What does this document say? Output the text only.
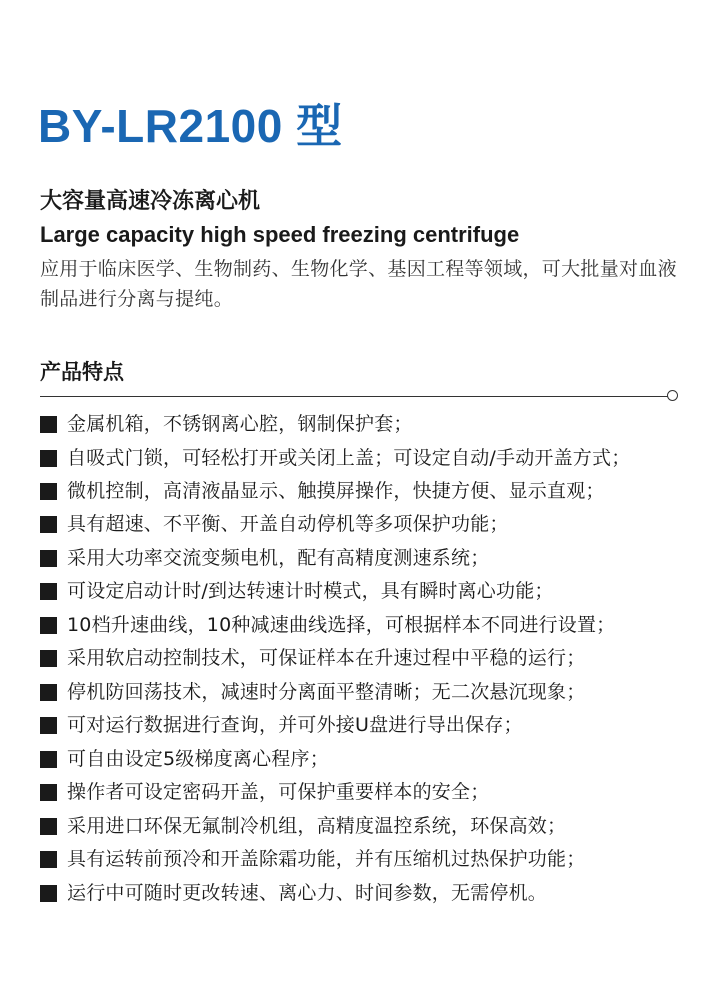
BY-LR2100 型
大容量高速冷冻离心机
Large capacity high speed freezing centrifuge
应用于临床医学、生物制药、生物化学、基因工程等领域，可大批量对血液制品进行分离与提纯。
产品特点
金属机箱，不锈钢离心腔，钢制保护套；
自吸式门锁，可轻松打开或关闭上盖；可设定自动/手动开盖方式；
微机控制，高清液晶显示、触摸屏操作，快捷方便、显示直观；
具有超速、不平衡、开盖自动停机等多项保护功能；
采用大功率交流变频电机，配有高精度测速系统；
可设定启动计时/到达转速计时模式，具有瞬时离心功能；
10档升速曲线，10种减速曲线选择，可根据样本不同进行设置；
采用软启动控制技术，可保证样本在升速过程中平稳的运行；
停机防回荡技术，减速时分离面平整清晰；无二次悬沉现象；
可对运行数据进行查询，并可外接U盘进行导出保存；
可自由设定5级梯度离心程序；
操作者可设定密码开盖，可保护重要样本的安全；
采用进口环保无氟制冷机组，高精度温控系统，环保高效；
具有运转前预冷和开盖除霜功能，并有压缩机过热保护功能；
运行中可随时更改转速、离心力、时间参数，无需停机。
